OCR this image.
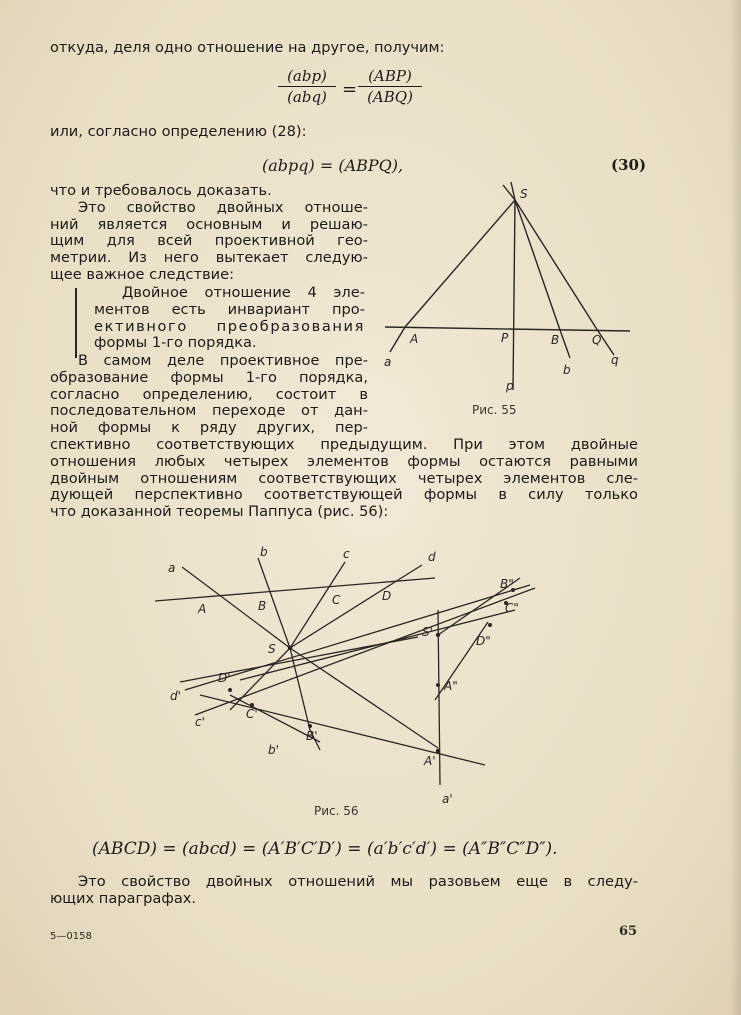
откуда, деля одно отношение на другое, получим:
(abp)
(abq) =
(ABP)
(ABQ)
или, согласно определению (28):
(abpq) = (ABPQ),	(30)
что и требовалось доказать.
Это свойство двойных отноше-
ний является основным и решаю-
щим для всей проективной гео-
метрии. Из него вытекает следую-
щее важное следствие:
Двойное отношение 4 эле-
ментов есть инвариант про-
ективного преобразования
формы 1-го порядка.
В самом деле проективное пре-
образование формы 1-го порядка,
согласно определению, состоит в
последовательном переходе от дан-
ной формы к ряду других, пер-
спективно соответствующих предыдущим. При этом двойные
отношения любых четырех элементов формы остаются равными
двойным отношениям соответствующих четырех элементов сле-
дующей перспективно соответствующей формы в силу только
что доказанной теоремы Паппуса (рис. 56):
S
A	P	B	Q
a
b
q
p
Рис. 55
a
b	c	d
A	B	C	D
S
S'
B"
C"
D"
A"
D'
d'
c'
C'
B'
b'
A'
a'
Рис. 56
(ABCD) = (abcd) = (A′B′C′D′) = (a′b′c′d′) = (A″B″C″D″).
Это свойство двойных отношений мы разовьем еще в следу-
ющих параграфах.
5—0158	65
